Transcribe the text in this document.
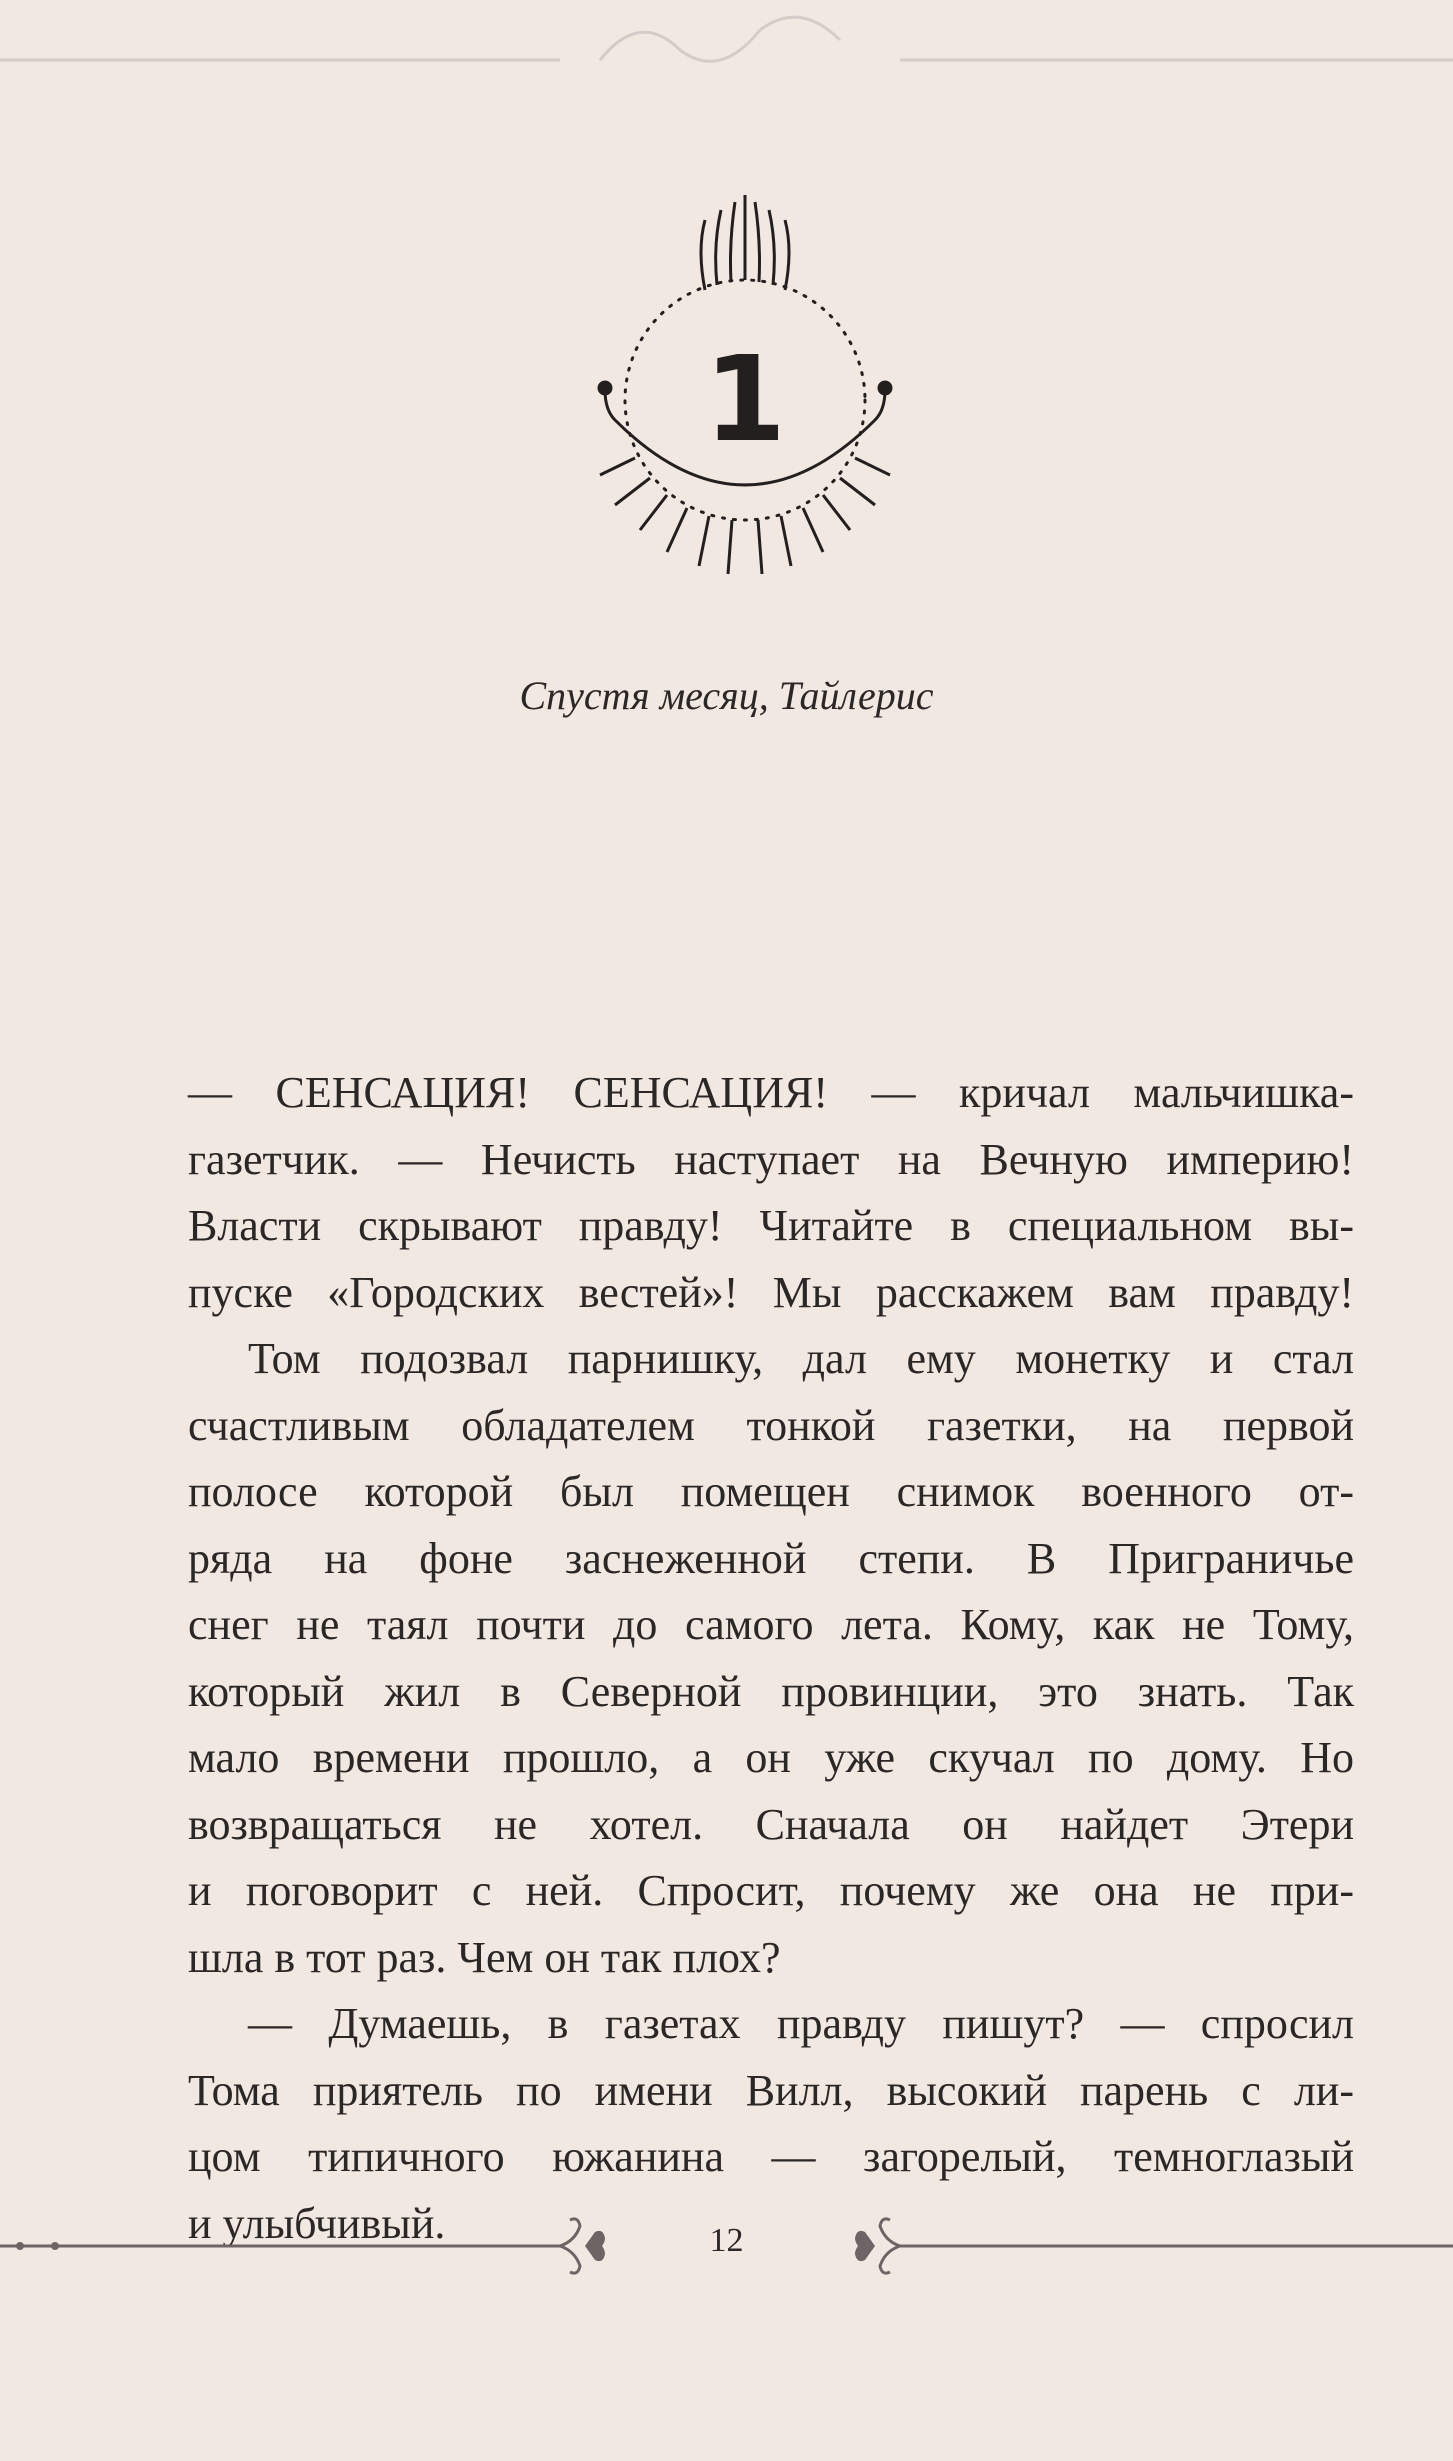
1
Спустя месяц, Тайлерис
— СЕНСАЦИЯ! СЕНСАЦИЯ! — кричал мальчишка-
газетчик. — Нечисть наступает на Вечную империю!
Власти скрывают правду! Читайте в специальном вы-
пуске «Городских вестей»! Мы расскажем вам правду!
Том подозвал парнишку, дал ему монетку и стал
счастливым обладателем тонкой газетки, на первой
полосе которой был помещен снимок военного от-
ряда на фоне заснеженной степи. В Приграничье
снег не таял почти до самого лета. Кому, как не Тому,
который жил в Северной провинции, это знать. Так
мало времени прошло, а он уже скучал по дому. Но
возвращаться не хотел. Сначала он найдет Этери
и поговорит с ней. Спросит, почему же она не при-
шла в тот раз. Чем он так плох?
— Думаешь, в газетах правду пишут? — спросил
Тома приятель по имени Вилл, высокий парень с ли-
цом типичного южанина — загорелый, темноглазый
и улыбчивый.	12
